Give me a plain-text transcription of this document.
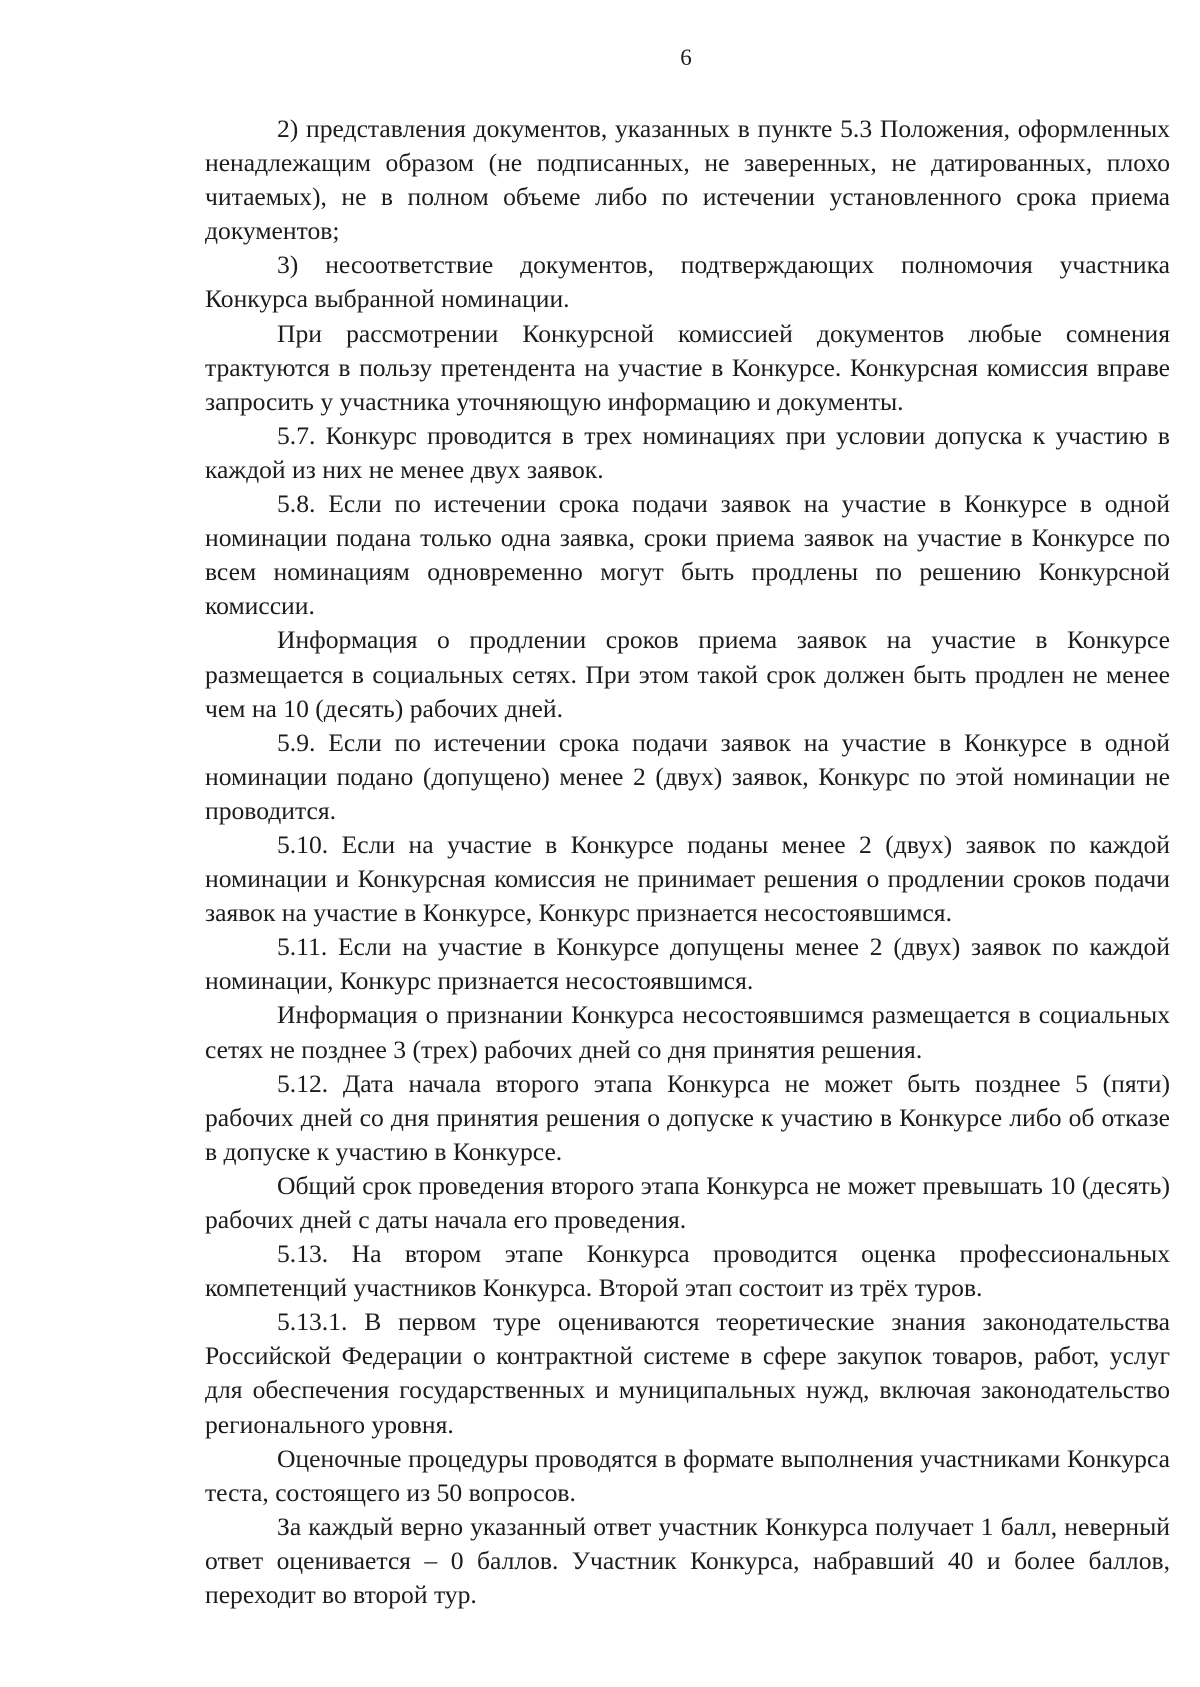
6

2) представления документов, указанных в пункте 5.3 Положения, оформленных ненадлежащим образом (не подписанных, не заверенных, не датированных, плохо читаемых), не в полном объеме либо по истечении установленного срока приема документов;

3) несоответствие документов, подтверждающих полномочия участника Конкурса выбранной номинации.

При рассмотрении Конкурсной комиссией документов любые сомнения трактуются в пользу претендента на участие в Конкурсе. Конкурсная комиссия вправе запросить у участника уточняющую информацию и документы.

5.7. Конкурс проводится в трех номинациях при условии допуска к участию в каждой из них не менее двух заявок.

5.8. Если по истечении срока подачи заявок на участие в Конкурсе в одной номинации подана только одна заявка, сроки приема заявок на участие в Конкурсе по всем номинациям одновременно могут быть продлены по решению Конкурсной комиссии.

Информация о продлении сроков приема заявок на участие в Конкурсе размещается в социальных сетях. При этом такой срок должен быть продлен не менее чем на 10 (десять) рабочих дней.

5.9. Если по истечении срока подачи заявок на участие в Конкурсе в одной номинации подано (допущено) менее 2 (двух) заявок, Конкурс по этой номинации не проводится.

5.10. Если на участие в Конкурсе поданы менее 2 (двух) заявок по каждой номинации и Конкурсная комиссия не принимает решения о продлении сроков подачи заявок на участие в Конкурсе, Конкурс признается несостоявшимся.

5.11. Если на участие в Конкурсе допущены менее 2 (двух) заявок по каждой номинации, Конкурс признается несостоявшимся.

Информация о признании Конкурса несостоявшимся размещается в социальных сетях не позднее 3 (трех) рабочих дней со дня принятия решения.

5.12. Дата начала второго этапа Конкурса не может быть позднее 5 (пяти) рабочих дней со дня принятия решения о допуске к участию в Конкурсе либо об отказе в допуске к участию в Конкурсе.

Общий срок проведения второго этапа Конкурса не может превышать 10 (десять) рабочих дней с даты начала его проведения.

5.13. На втором этапе Конкурса проводится оценка профессиональных компетенций участников Конкурса. Второй этап состоит из трёх туров.

5.13.1. В первом туре оцениваются теоретические знания законодательства Российской Федерации о контрактной системе в сфере закупок товаров, работ, услуг для обеспечения государственных и муниципальных нужд, включая законодательство регионального уровня.

Оценочные процедуры проводятся в формате выполнения участниками Конкурса теста, состоящего из 50 вопросов.

За каждый верно указанный ответ участник Конкурса получает 1 балл, неверный ответ оценивается – 0 баллов. Участник Конкурса, набравший 40 и более баллов, переходит во второй тур.
